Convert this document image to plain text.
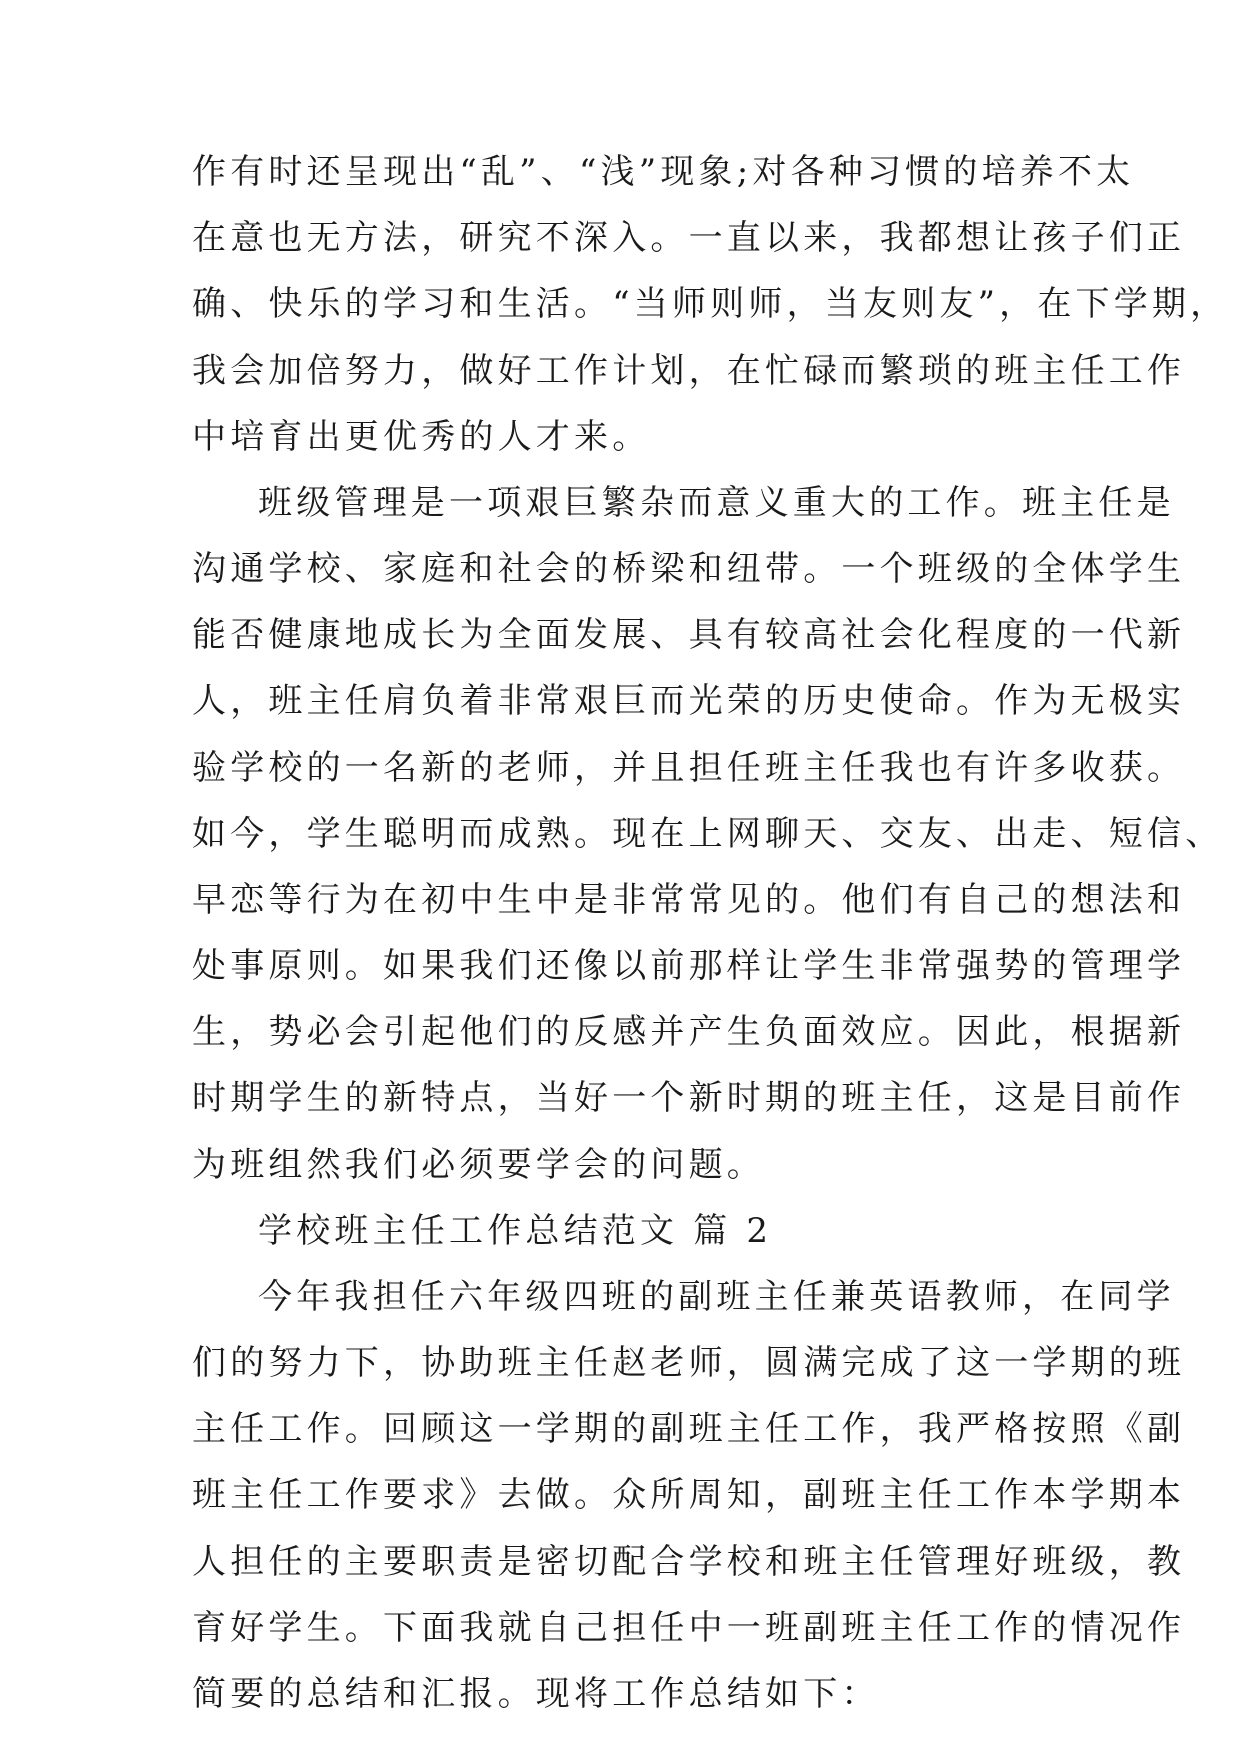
作有时还呈现出“乱”、“浅”现象;对各种习惯的培养不太

在意也无方法，研究不深入。一直以来，我都想让孩子们正

确、快乐的学习和生活。“当师则师，当友则友”，在下学期，

我会加倍努力，做好工作计划，在忙碌而繁琐的班主任工作

中培育出更优秀的人才来。

班级管理是一项艰巨繁杂而意义重大的工作。班主任是

沟通学校、家庭和社会的桥梁和纽带。一个班级的全体学生

能否健康地成长为全面发展、具有较高社会化程度的一代新

人，班主任肩负着非常艰巨而光荣的历史使命。作为无极实

验学校的一名新的老师，并且担任班主任我也有许多收获。

如今，学生聪明而成熟。现在上网聊天、交友、出走、短信、

早恋等行为在初中生中是非常常见的。他们有自己的想法和

处事原则。如果我们还像以前那样让学生非常强势的管理学

生，势必会引起他们的反感并产生负面效应。因此，根据新

时期学生的新特点，当好一个新时期的班主任，这是目前作

为班组然我们必须要学会的问题。

学校班主任工作总结范文 篇 2

今年我担任六年级四班的副班主任兼英语教师，在同学

们的努力下，协助班主任赵老师，圆满完成了这一学期的班

主任工作。回顾这一学期的副班主任工作，我严格按照《副

班主任工作要求》去做。众所周知，副班主任工作本学期本

人担任的主要职责是密切配合学校和班主任管理好班级，教

育好学生。下面我就自己担任中一班副班主任工作的情况作

简要的总结和汇报。现将工作总结如下：
